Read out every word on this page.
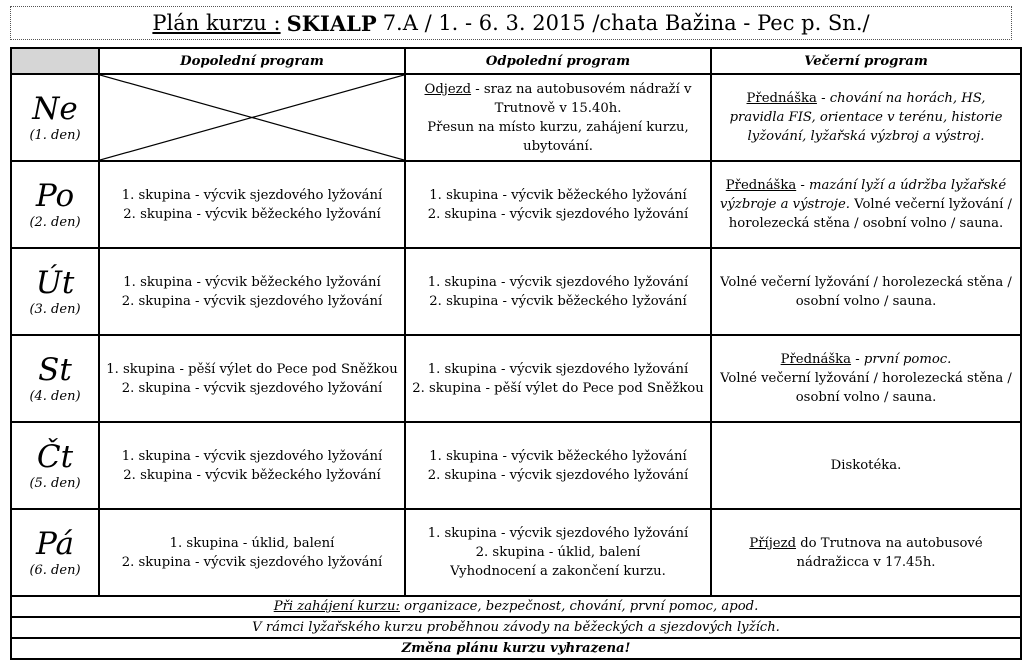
Plán kurzu : SKIALP 7.A / 1. - 6. 3. 2015 /chata Bažina - Pec p. Sn./
	Dopolední program	Odpolední program	Večerní program

Ne
(1. den)		Odjezd - sraz na autobusovém nádraží v Trutnově v 15.40h.
Přesun na místo kurzu, zahájení kurzu, ubytování.	Přednáška - chování na horách, HS, pravidla FIS, orientace v terénu, historie lyžování, lyžařská výzbroj a výstroj.

Po
(2. den)	1. skupina - výcvik sjezdového lyžování
2. skupina - výcvik běžeckého lyžování	1. skupina - výcvik běžeckého lyžování
2. skupina - výcvik sjezdového lyžování	Přednáška - mazání lyží a údržba lyžařské výzbroje a výstroje. Volné večerní lyžování / horolezecká stěna / osobní volno / sauna.

Út
(3. den)	1. skupina - výcvik běžeckého lyžování
2. skupina - výcvik sjezdového lyžování	1. skupina - výcvik sjezdového lyžování
2. skupina - výcvik běžeckého lyžování	Volné večerní lyžování / horolezecká stěna / osobní volno / sauna.

St
(4. den)	1. skupina - pěší výlet do Pece pod Sněžkou
2. skupina - výcvik sjezdového lyžování	1. skupina - výcvik sjezdového lyžování
2. skupina - pěší výlet do Pece pod Sněžkou	Přednáška - první pomoc.
Volné večerní lyžování / horolezecká stěna / osobní volno / sauna.

Čt
(5. den)	1. skupina - výcvik sjezdového lyžování
2. skupina - výcvik běžeckého lyžování	1. skupina - výcvik běžeckého lyžování
2. skupina - výcvik sjezdového lyžování	Diskotéka.

Pá
(6. den)	1. skupina - úklid, balení
2. skupina - výcvik sjezdového lyžování	1. skupina - výcvik sjezdového lyžování
2. skupina - úklid, balení
Vyhodnocení a zakončení kurzu.	Příjezd do Trutnova na autobusové nádražicca v 17.45h.
Při zahájení kurzu: organizace, bezpečnost, chování, první pomoc, apod.			
V rámci lyžařského kurzu proběhnou závody na běžeckých a sjezdových lyžích.			
Změna plánu kurzu vyhrazena!			
